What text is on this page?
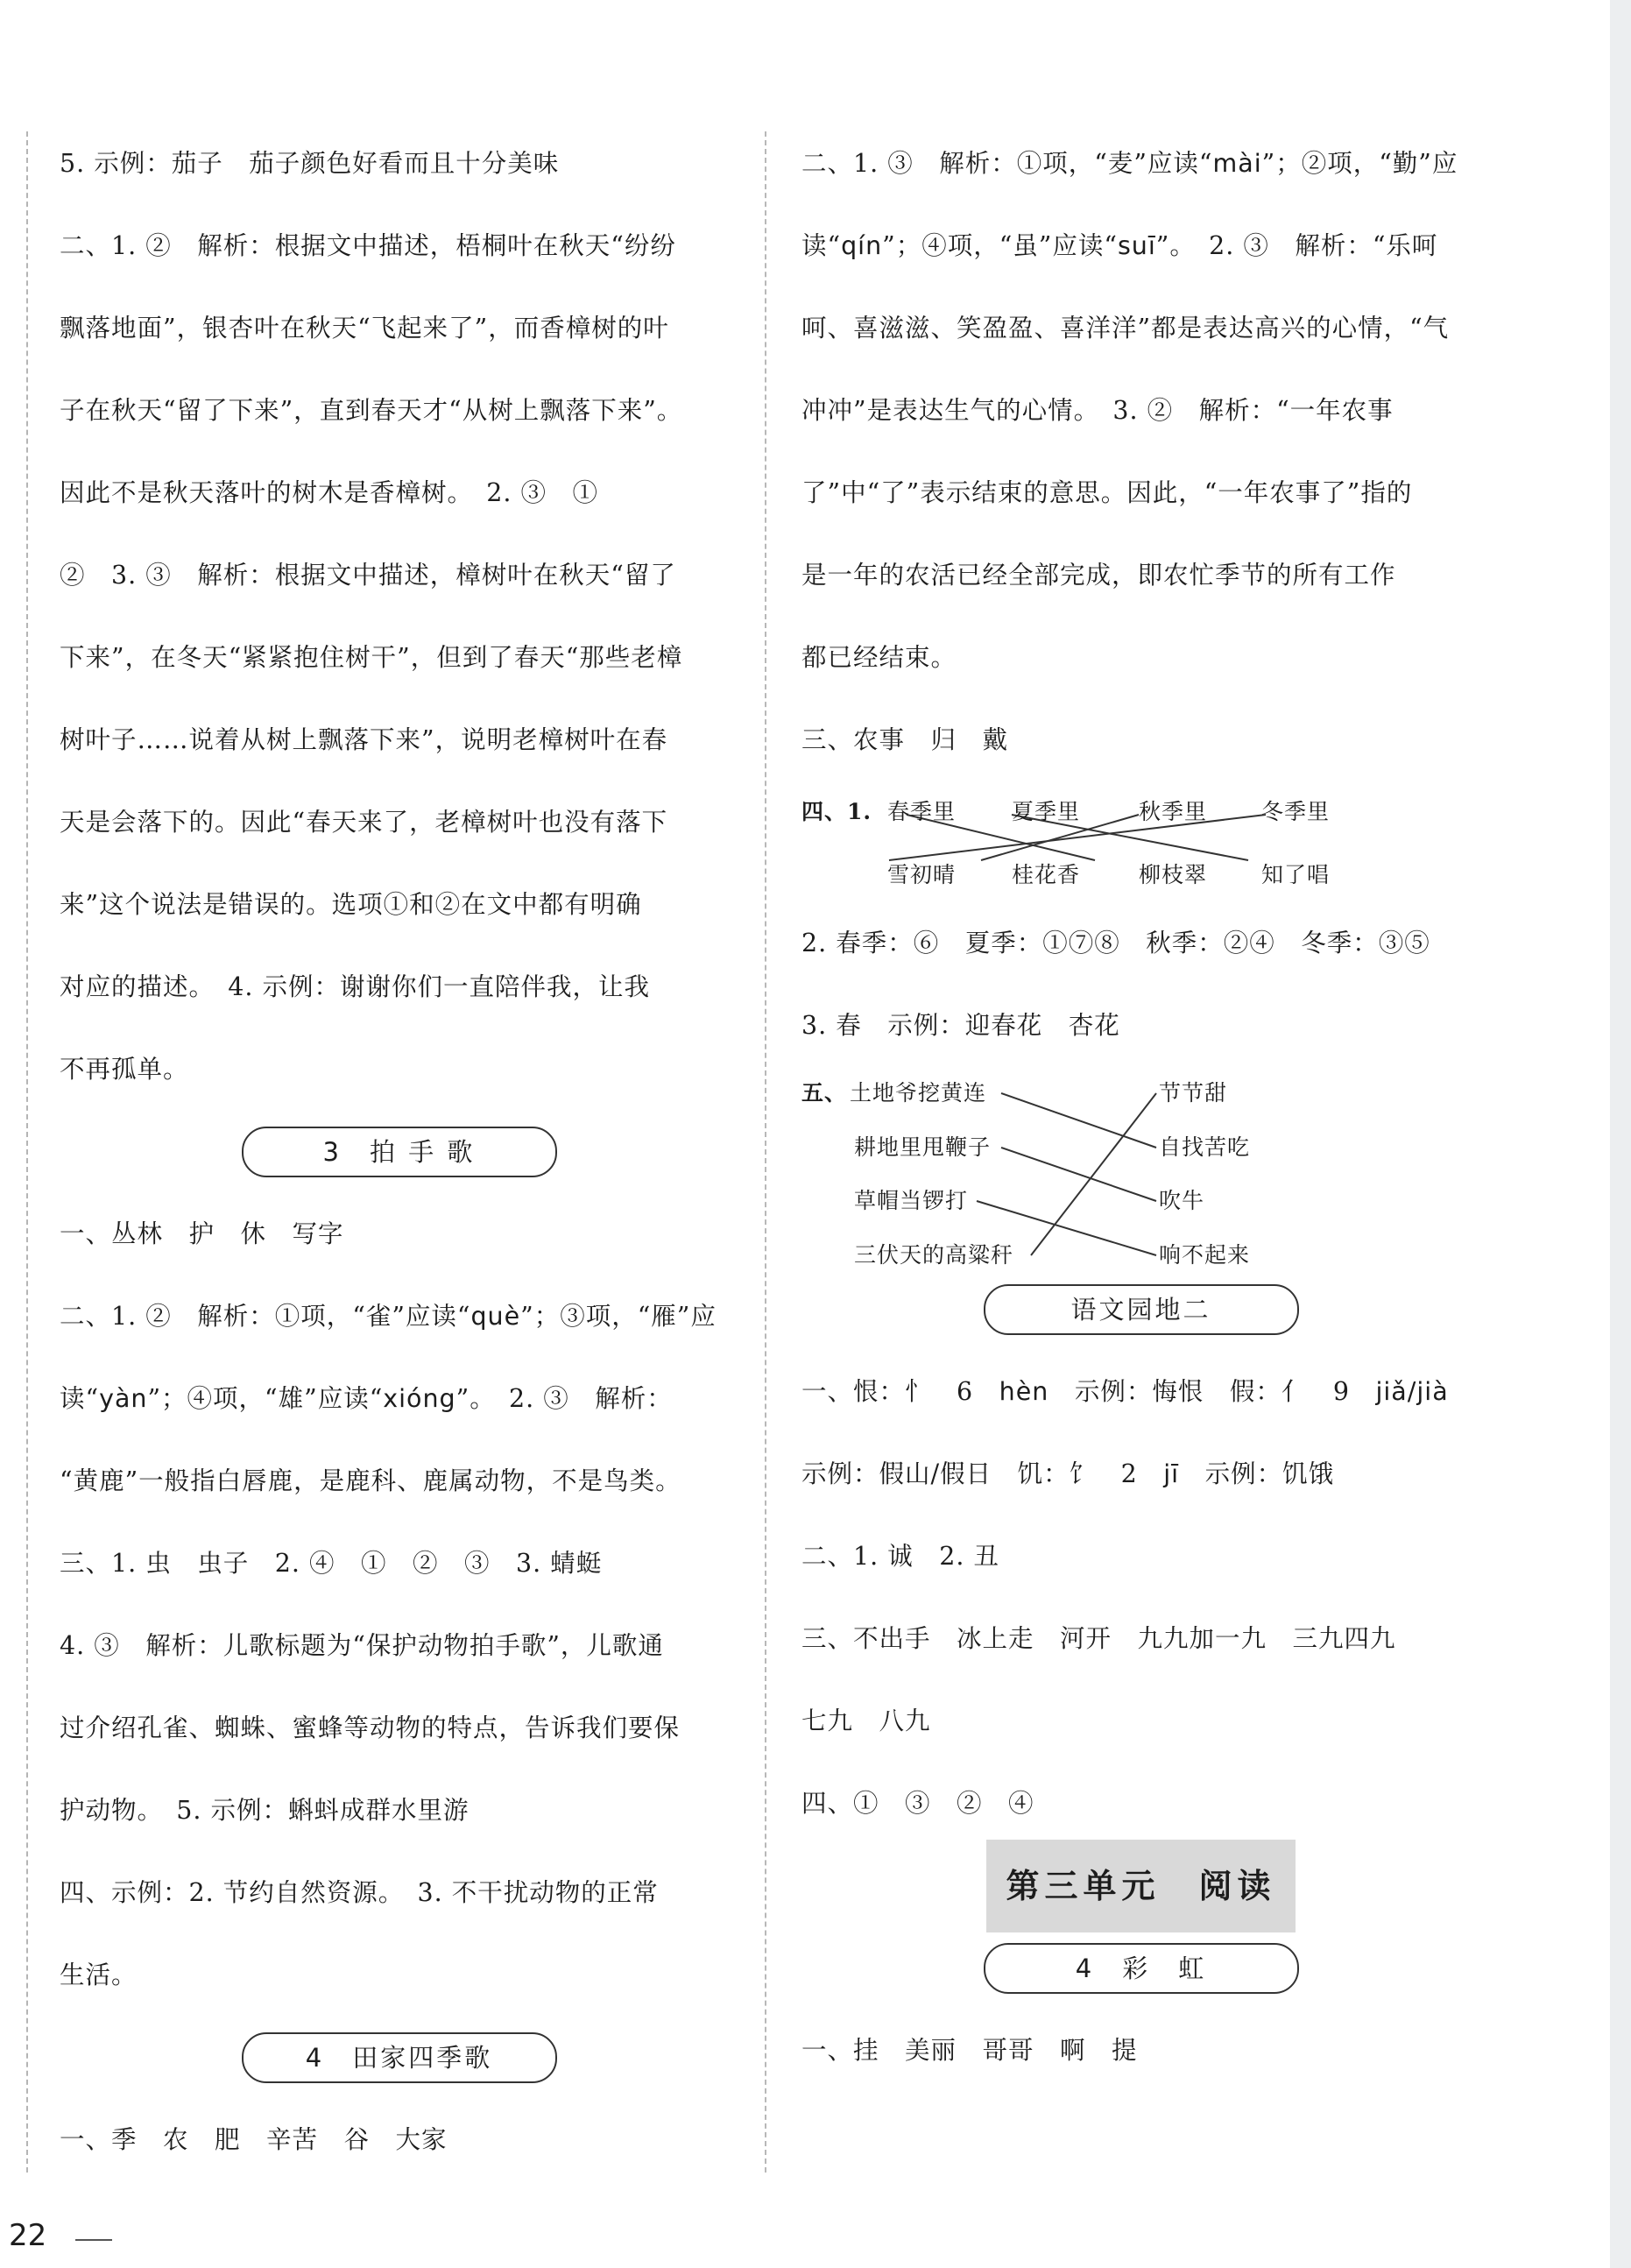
5. 示例：茄子　茄子颜色好看而且十分美味
二、1. ②　解析：根据文中描述，梧桐叶在秋天“纷纷
飘落地面”，银杏叶在秋天“飞起来了”，而香樟树的叶
子在秋天“留了下来”，直到春天才“从树上飘落下来”。
因此不是秋天落叶的树木是香樟树。　2. ③　①
②　3. ③　解析：根据文中描述，樟树叶在秋天“留了
下来”，在冬天“紧紧抱住树干”，但到了春天“那些老樟
树叶子……说着从树上飘落下来”，说明老樟树叶在春
天是会落下的。因此“春天来了，老樟树叶也没有落下
来”这个说法是错误的。选项①和②在文中都有明确
对应的描述。　4. 示例：谢谢你们一直陪伴我，让我
不再孤单。
3　拍 手 歌
一、丛林　护　休　写字
二、1. ②　解析：①项，“雀”应读“què”；③项，“雁”应
读“yàn”；④项，“雄”应读“xióng”。　2. ③　解析：
“黄鹿”一般指白唇鹿，是鹿科、鹿属动物，不是鸟类。
三、1. 虫　虫子　2. ④　①　②　③　3. 蜻蜓
4. ③　解析：儿歌标题为“保护动物拍手歌”，儿歌通
过介绍孔雀、蜘蛛、蜜蜂等动物的特点，告诉我们要保
护动物。　5. 示例：蝌蚪成群水里游
四、示例：2. 节约自然资源。　3. 不干扰动物的正常
生活。
4　田家四季歌
一、季　农　肥　辛苦　谷　大家
二、1. ③　解析：①项，“麦”应读“mài”；②项，“勤”应
读“qín”；④项，“虽”应读“suī”。　2. ③　解析：“乐呵
呵、喜滋滋、笑盈盈、喜洋洋”都是表达高兴的心情，“气
冲冲”是表达生气的心情。　3. ②　解析：“一年农事
了”中“了”表示结束的意思。因此，“一年农事了”指的
是一年的农活已经全部完成，即农忙季节的所有工作
都已经结束。
三、农事　归　戴
四、1. 春季里	夏季里	秋季里 冬季里
雪初晴	桂花香	柳枝翠 知了唱
2. 春季：⑥　夏季：①⑦⑧　秋季：②④　冬季：③⑤
3. 春　示例：迎春花　杏花
五、 土地爷挖黄连
耕地里甩鞭子
草帽当锣打
三伏天的高粱秆
节节甜
自找苦吃
吹牛
响不起来
语文园地二
一、恨：忄　6　hèn　示例：悔恨　假：亻　9　jiǎ/jià
示例：假山/假日　饥：饣　2　jī　示例：饥饿
二、1. 诚　2. 丑
三、不出手　冰上走　河开　九九加一九　三九四九
七九　八九
四、①　③　②　④
第三单元　阅读
4　彩　虹
一、挂　美丽　哥哥　啊　提
22
